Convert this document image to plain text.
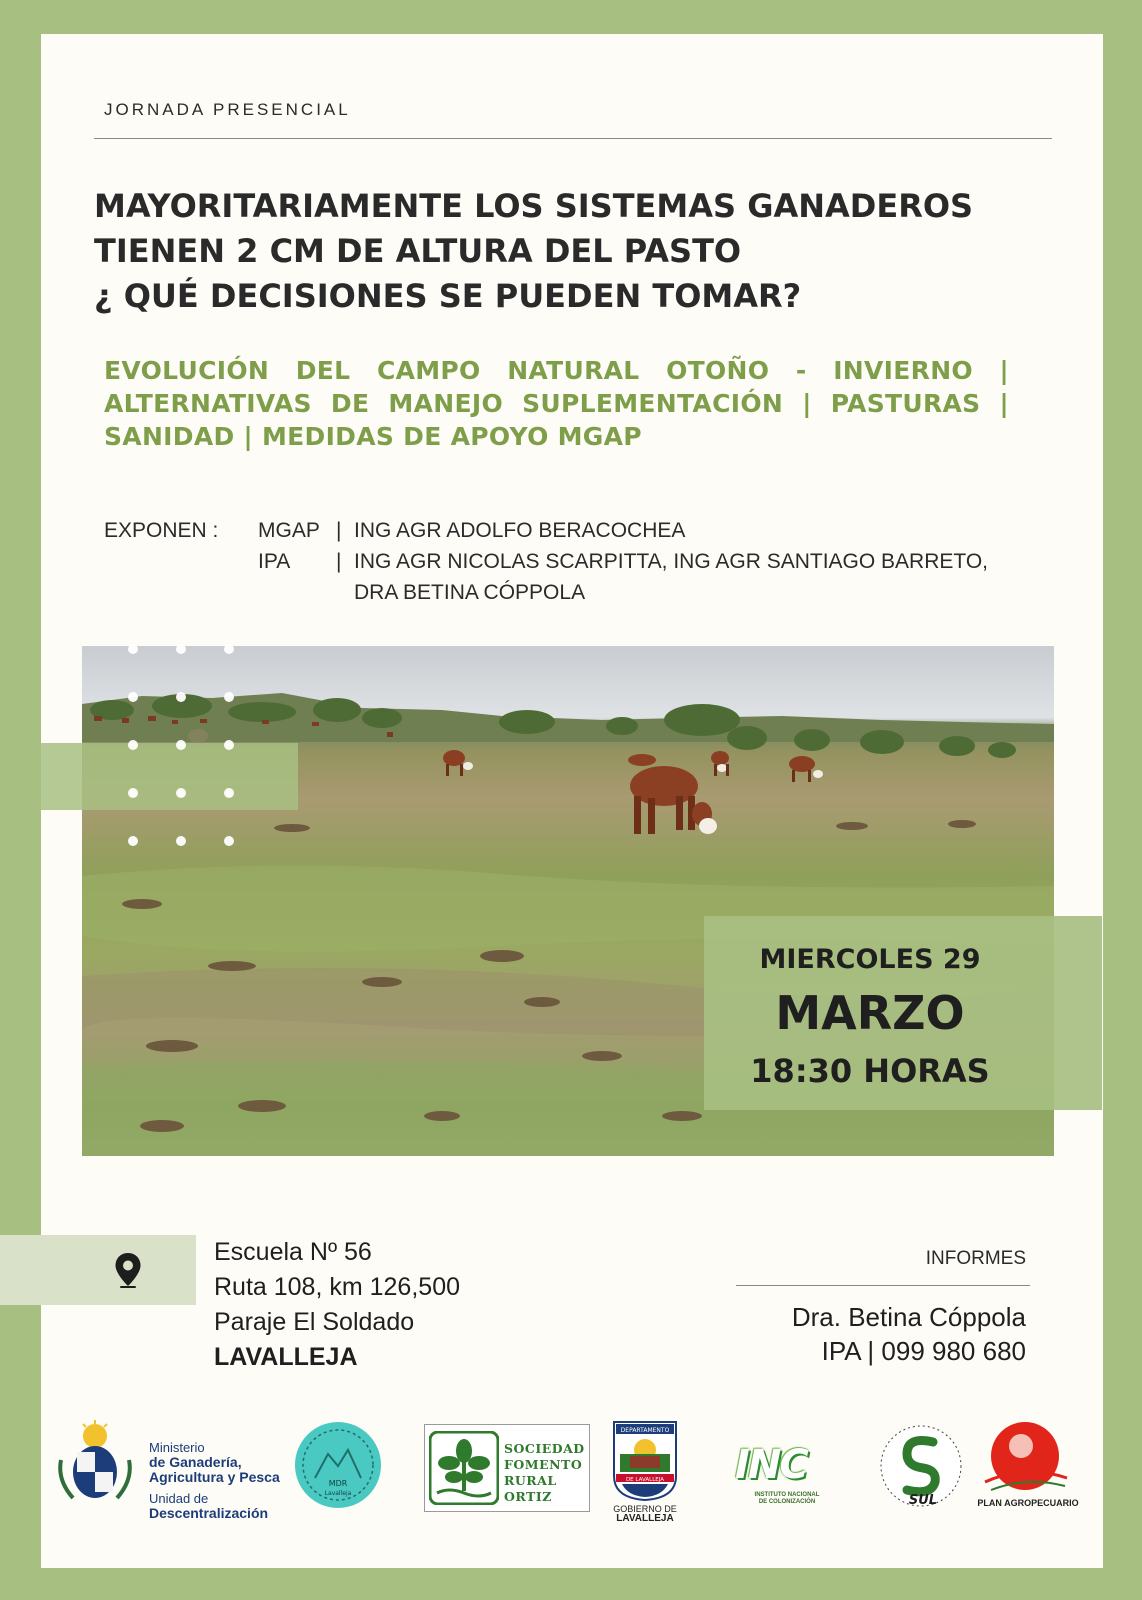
JORNADA PRESENCIAL
MAYORITARIAMENTE LOS SISTEMAS GANADEROS
TIENEN 2 CM DE ALTURA DEL PASTO
¿ QUÉ DECISIONES SE PUEDEN TOMAR?
EVOLUCIÓN DEL CAMPO NATURAL OTOÑO - INVIERNO | ALTERNATIVAS DE MANEJO SUPLEMENTACIÓN | PASTURAS | SANIDAD | MEDIDAS DE APOYO MGAP
EXPONEN : MGAP | ING AGR ADOLFO BERACOCHEA
IPA | ING AGR NICOLAS SCARPITTA, ING AGR SANTIAGO BARRETO,
DRA BETINA CÓPPOLA
MIERCOLES 29
MARZO
18:30 HORAS
Escuela Nº 56
Ruta 108, km 126,500
Paraje El Soldado
LAVALLEJA
INFORMES
Dra. Betina Cóppola
IPA | 099 980 680
Ministerio
de Ganadería,
Agricultura y Pesca
Unidad de
Descentralización
MDR
Lavalleja
SOCIEDAD
FOMENTO
RURAL
ORTIZ
DEPARTAMENTO
DE LAVALLEJA
GOBIERNO DE
LAVALLEJA
INC
INSTITUTO NACIONAL
DE COLONIZACIÓN	SUL	PLAN AGROPECUARIO
